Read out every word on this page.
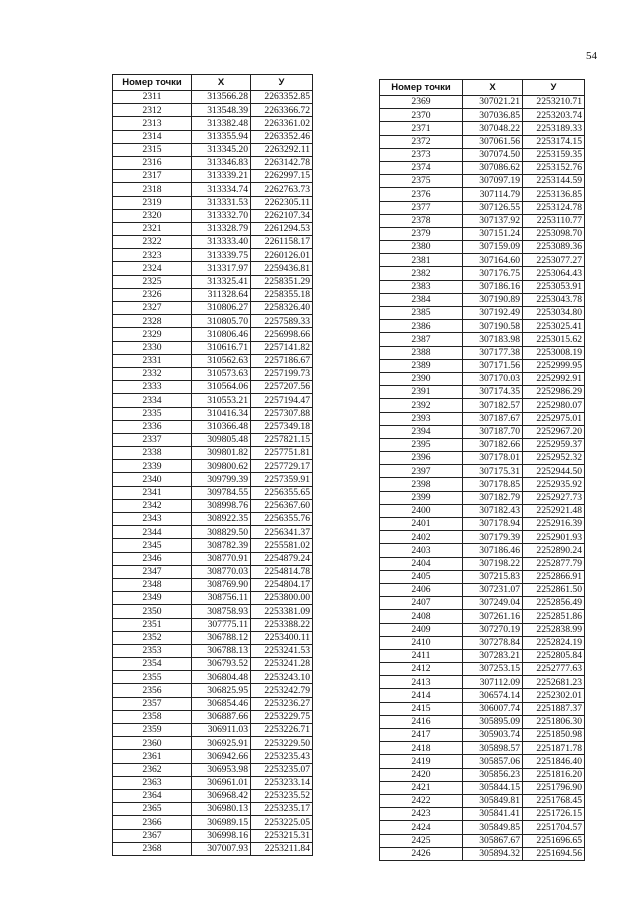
54
Номер точки	X	У
2311	313566.28	2263352.85
2312	313548.39	2263366.72
2313	313382.48	2263361.02
2314	313355.94	2263352.46
2315	313345.20	2263292.11
2316	313346.83	2263142.78
2317	313339.21	2262997.15
2318	313334.74	2262763.73
2319	313331.53	2262305.11
2320	313332.70	2262107.34
2321	313328.79	2261294.53
2322	313333.40	2261158.17
2323	313339.75	2260126.01
2324	313317.97	2259436.81
2325	313325.41	2258351.29
2326	311328.64	2258355.18
2327	310806.27	2258326.40
2328	310805.70	2257589.33
2329	310806.46	2256998.66
2330	310616.71	2257141.82
2331	310562.63	2257186.67
2332	310573.63	2257199.73
2333	310564.06	2257207.56
2334	310553.21	2257194.47
2335	310416.34	2257307.88
2336	310366.48	2257349.18
2337	309805.48	2257821.15
2338	309801.82	2257751.81
2339	309800.62	2257729.17
2340	309799.39	2257359.91
2341	309784.55	2256355.65
2342	308998.76	2256367.60
2343	308922.35	2256355.76
2344	308829.50	2256341.37
2345	308782.39	2255581.02
2346	308770.91	2254879.24
2347	308770.03	2254814.78
2348	308769.90	2254804.17
2349	308756.11	2253800.00
2350	308758.93	2253381.09
2351	307775.11	2253388.22
2352	306788.12	2253400.11
2353	306788.13	2253241.53
2354	306793.52	2253241.28
2355	306804.48	2253243.10
2356	306825.95	2253242.79
2357	306854.46	2253236.27
2358	306887.66	2253229.75
2359	306911.03	2253226.71
2360	306925.91	2253229.50
2361	306942.66	2253235.43
2362	306953.98	2253235.07
2363	306961.01	2253233.14
2364	306968.42	2253235.52
2365	306980.13	2253235.17
2366	306989.15	2253225.05
2367	306998.16	2253215.31
2368	307007.93	2253211.84
Номер точки	X	У
2369	307021.21	2253210.71
2370	307036.85	2253203.74
2371	307048.22	2253189.33
2372	307061.56	2253174.15
2373	307074.50	2253159.35
2374	307086.62	2253152.76
2375	307097.19	2253144.59
2376	307114.79	2253136.85
2377	307126.55	2253124.78
2378	307137.92	2253110.77
2379	307151.24	2253098.70
2380	307159.09	2253089.36
2381	307164.60	2253077.27
2382	307176.75	2253064.43
2383	307186.16	2253053.91
2384	307190.89	2253043.78
2385	307192.49	2253034.80
2386	307190.58	2253025.41
2387	307183.98	2253015.62
2388	307177.38	2253008.19
2389	307171.56	2252999.95
2390	307170.03	2252992.91
2391	307174.35	2252986.29
2392	307182.57	2252980.07
2393	307187.67	2252975.01
2394	307187.70	2252967.20
2395	307182.66	2252959.37
2396	307178.01	2252952.32
2397	307175.31	2252944.50
2398	307178.85	2252935.92
2399	307182.79	2252927.73
2400	307182.43	2252921.48
2401	307178.94	2252916.39
2402	307179.39	2252901.93
2403	307186.46	2252890.24
2404	307198.22	2252877.79
2405	307215.83	2252866.91
2406	307231.07	2252861.50
2407	307249.04	2252856.49
2408	307261.16	2252851.86
2409	307270.19	2252838.99
2410	307278.84	2252824.19
2411	307283.21	2252805.84
2412	307253.15	2252777.63
2413	307112.09	2252681.23
2414	306574.14	2252302.01
2415	306007.74	2251887.37
2416	305895.09	2251806.30
2417	305903.74	2251850.98
2418	305898.57	2251871.78
2419	305857.06	2251846.40
2420	305856.23	2251816.20
2421	305844.15	2251796.90
2422	305849.81	2251768.45
2423	305841.41	2251726.15
2424	305849.85	2251704.57
2425	305867.67	2251696.65
2426	305894.32	2251694.56
